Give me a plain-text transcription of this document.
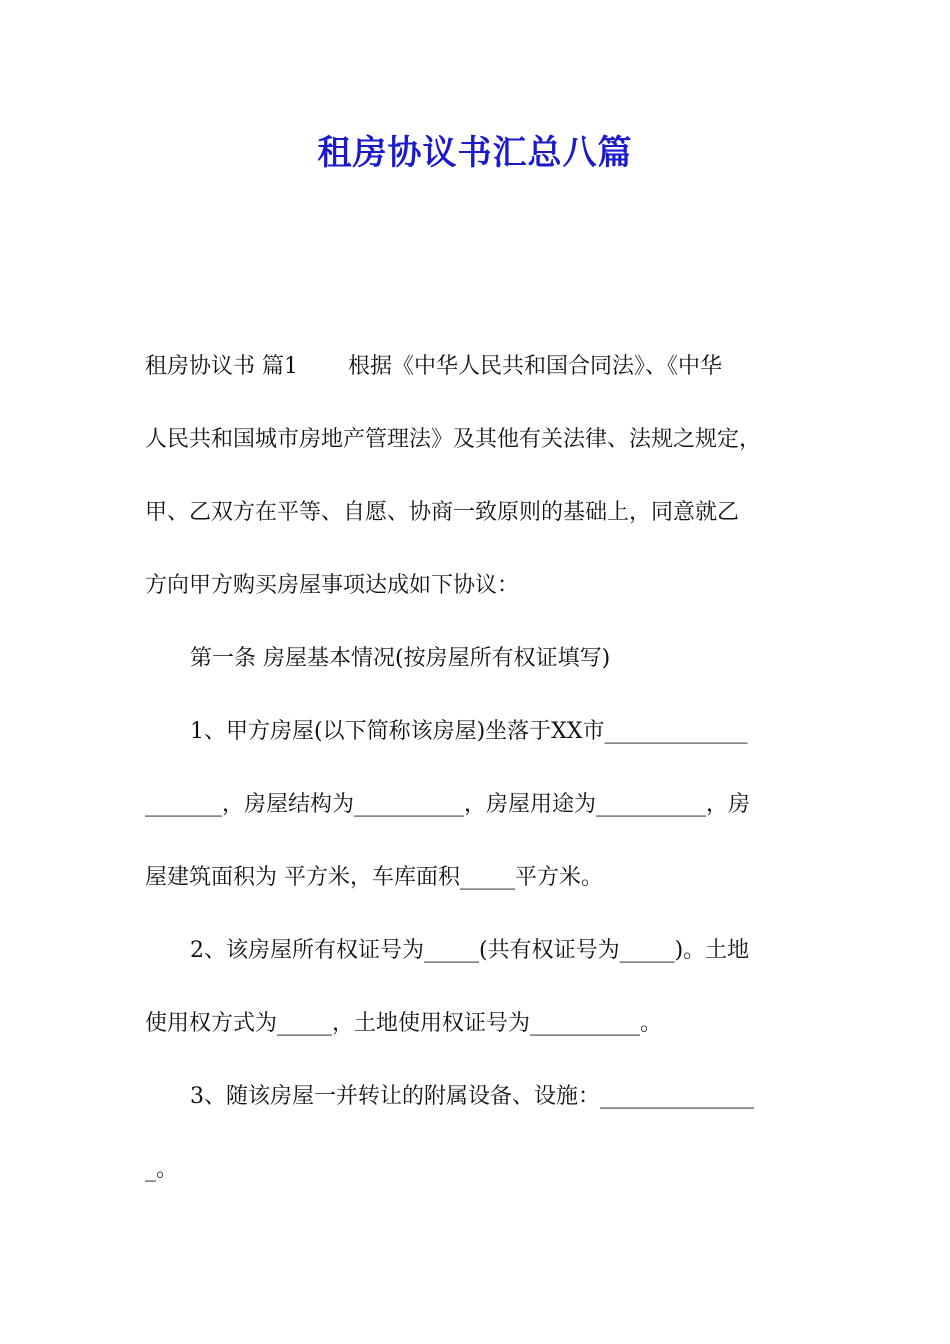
租房协议书汇总八篇
租房协议书 篇1 根据《中华人民共和国合同法》、《中华
人民共和国城市房地产管理法》及其他有关法律、法规之规定，
甲、乙双方在平等、自愿、协商一致原则的基础上，同意就乙
方向甲方购买房屋事项达成如下协议：
第一条 房屋基本情况(按房屋所有权证填写)
1、甲方房屋(以下简称该房屋)坐落于XX市_____________
_______，房屋结构为__________，房屋用途为__________，房
屋建筑面积为 平方米，车库面积_____平方米。
2、该房屋所有权证号为_____(共有权证号为_____)。土地
使用权方式为_____，土地使用权证号为__________。
3、随该房屋一并转让的附属设备、设施：______________
_。
